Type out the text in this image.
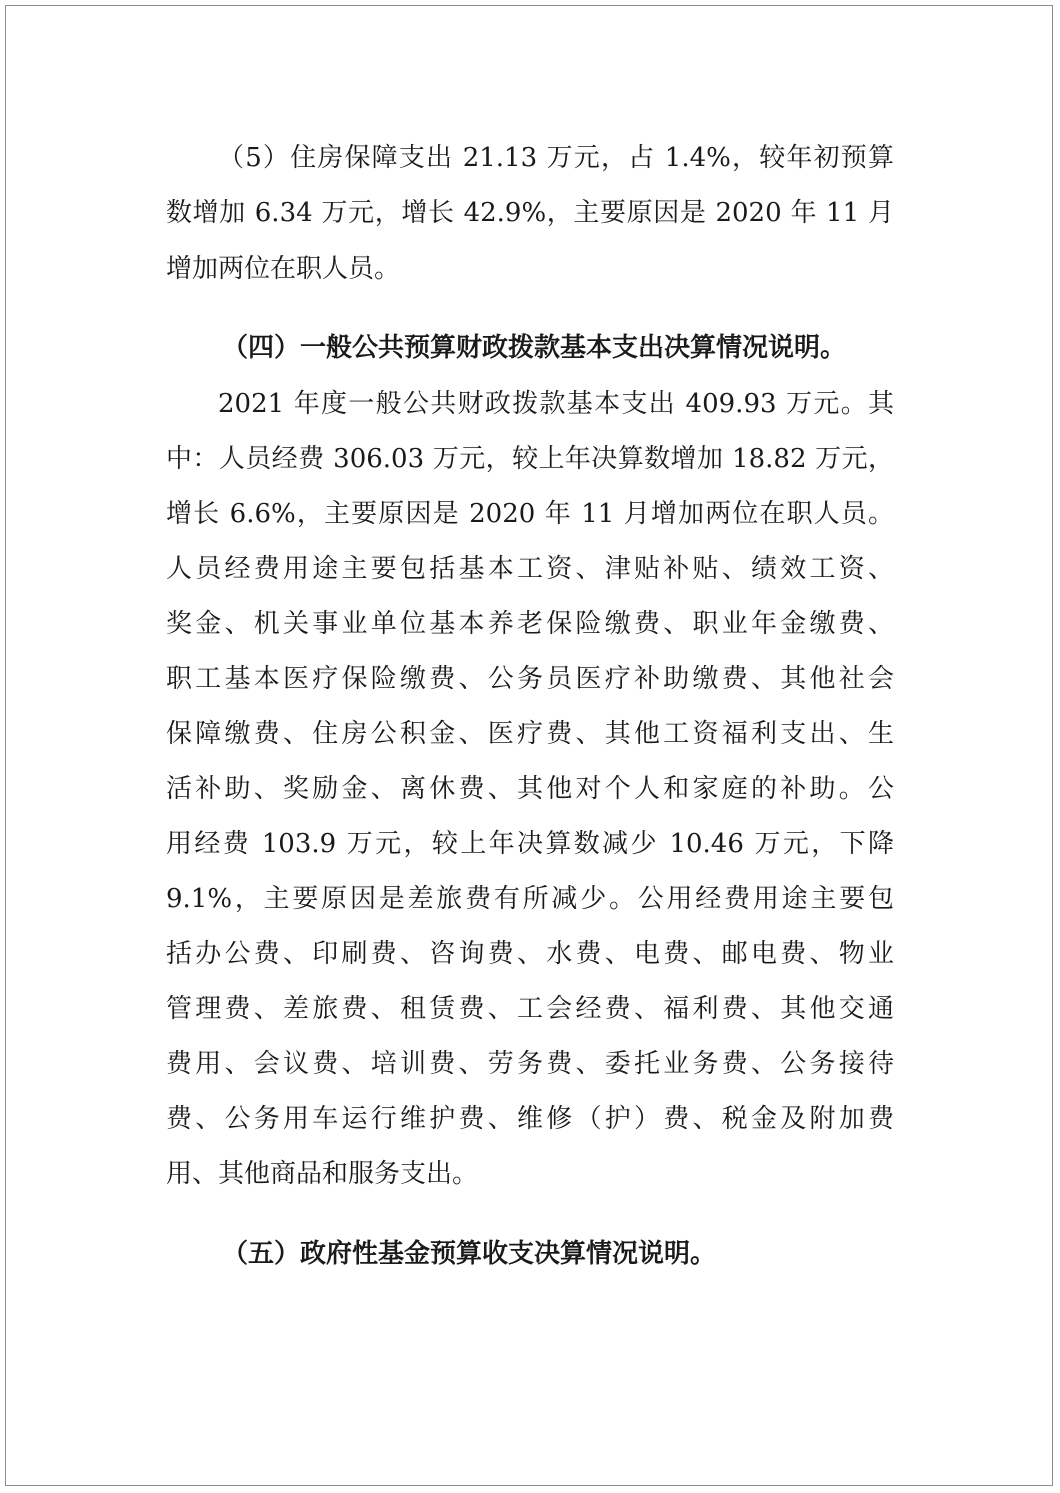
（5）住房保障支出 21.13 万元，占 1.4%，较年初预算
数增加 6.34 万元，增长 42.9%，主要原因是 2020 年 11 月
增加两位在职人员。
（四）一般公共预算财政拨款基本支出决算情况说明。
2021 年度一般公共财政拨款基本支出 409.93 万元。其
中：人员经费 306.03 万元，较上年决算数增加 18.82 万元，
增长 6.6%，主要原因是 2020 年 11 月增加两位在职人员。
人员经费用途主要包括基本工资、津贴补贴、绩效工资、
奖金、机关事业单位基本养老保险缴费、职业年金缴费、
职工基本医疗保险缴费、公务员医疗补助缴费、其他社会
保障缴费、住房公积金、医疗费、其他工资福利支出、生
活补助、奖励金、离休费、其他对个人和家庭的补助。公
用经费 103.9 万元，较上年决算数减少 10.46 万元，下降
9.1%，主要原因是差旅费有所减少。公用经费用途主要包
括办公费、印刷费、咨询费、水费、电费、邮电费、物业
管理费、差旅费、租赁费、工会经费、福利费、其他交通
费用、会议费、培训费、劳务费、委托业务费、公务接待
费、公务用车运行维护费、维修（护）费、税金及附加费
用、其他商品和服务支出。
（五）政府性基金预算收支决算情况说明。
